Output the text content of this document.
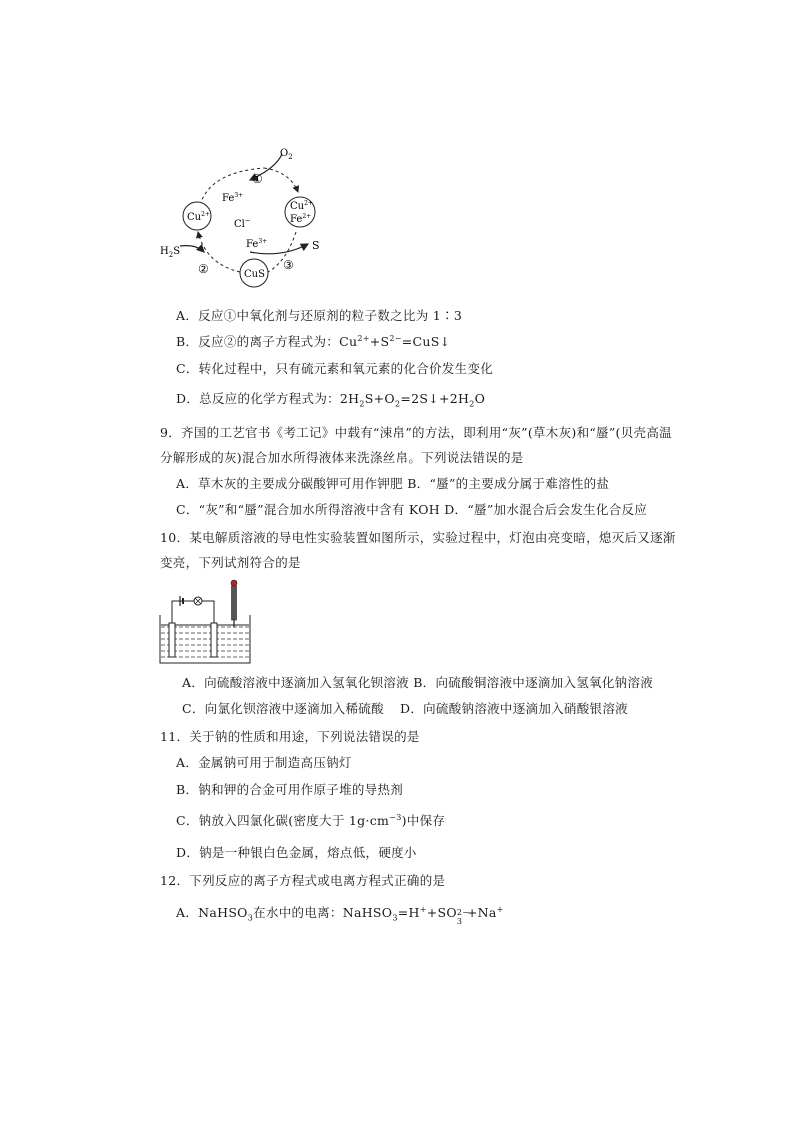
$O_2$
①
$Fe^{3+}$
Cl−
$Cu^{2+}$
$Cu^{2+}$
$Fe^{2+}$
$Fe^{3+}$
$H_2S$	S
②	③
CuS
A．反应①中氧化剂与还原剂的粒子数之比为 1∶3
B．反应②的离子方程式为：$Cu^{2+}+S^{2-}=CuS↓$
C．转化过程中，只有硫元素和氧元素的化合价发生变化
D．总反应的化学方程式为：$2H_2S+O_2=2S↓+2H_2O$
9．齐国的工艺官书《考工记》中载有“涑帛”的方法，即利用“灰”(草木灰)和“蜃”(贝壳高温
分解形成的灰)混合加水所得液体来洗涤丝帛。下列说法错误的是
A．草木灰的主要成分碳酸钾可用作钾肥 B．“蜃”的主要成分属于难溶性的盐
C．“灰”和“蜃”混合加水所得溶液中含有 KOH D．“蜃”加水混合后会发生化合反应
10．某电解质溶液的导电性实验装置如图所示，实验过程中，灯泡由亮变暗，熄灭后又逐渐
变亮，下列试剂符合的是
A．向硫酸溶液中逐滴加入氢氧化钡溶液 B．向硫酸铜溶液中逐滴加入氢氧化钠溶液
C．向氯化钡溶液中逐滴加入稀硫酸 D．向硫酸钠溶液中逐滴加入硝酸银溶液
11．关于钠的性质和用途，下列说法错误的是
A．金属钠可用于制造高压钠灯
B．钠和钾的合金可用作原子堆的导热剂
C．钠放入四氯化碳(密度大于 $1g\cdot cm^{-3}$)中保存
D．钠是一种银白色金属，熔点低，硬度小
12．下列反应的离子方程式或电离方程式正确的是
A．NaHSO$_3$在水中的电离：NaHSO$_3$=H++SO 2−
3
+Na+
